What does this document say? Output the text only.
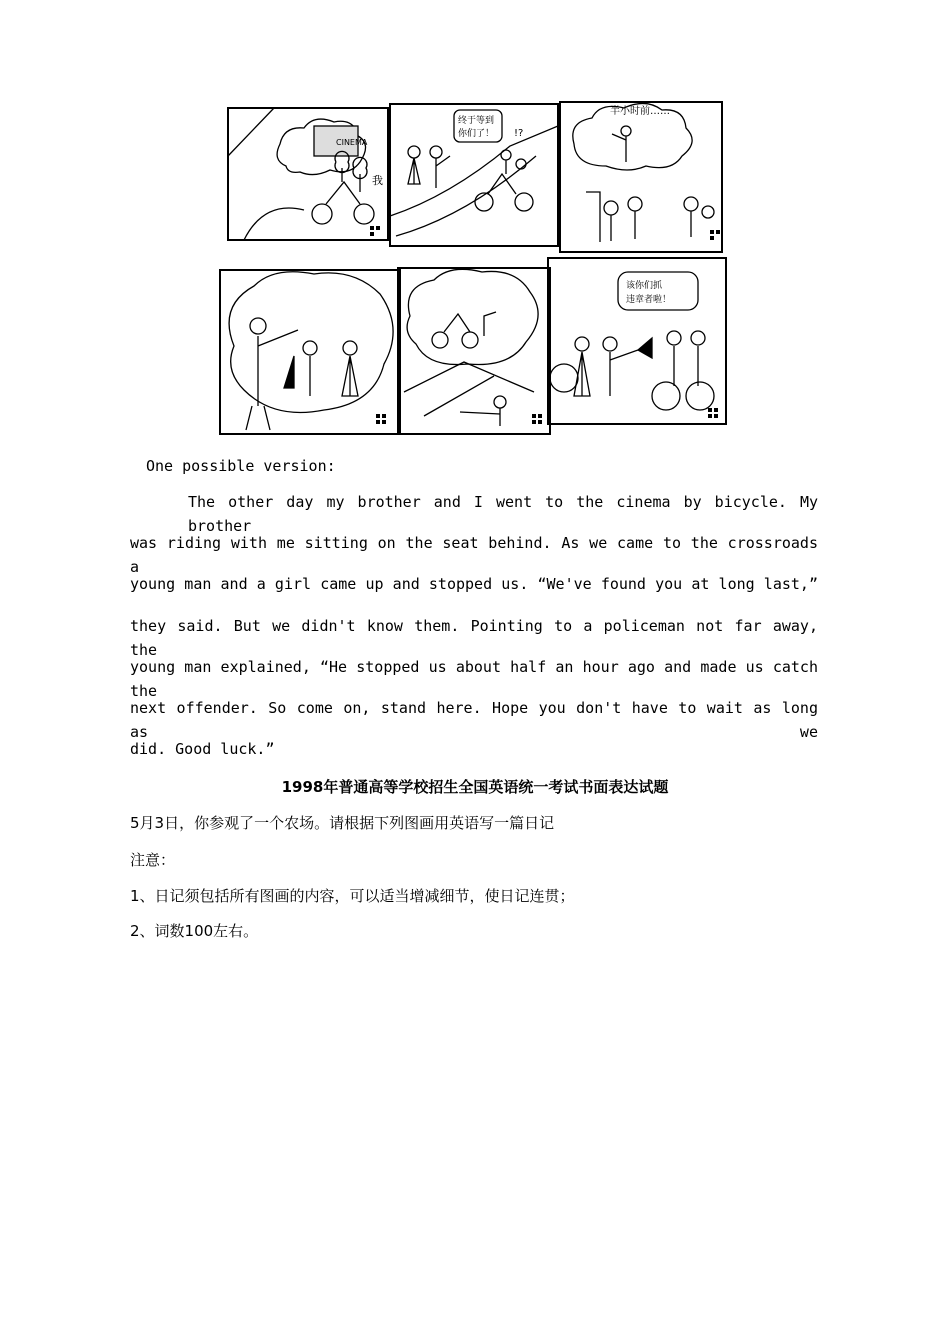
CINEMA
我
终于等到
你们了！ !?
半小时前……
该你们抓
违章者啦！

One possible version:

The other day my brother and I went to the cinema by bicycle. My brother
was riding with me sitting on the seat behind. As we came to the crossroads a
young man and a girl came up and stopped us. “We've found you at long last,”
they said. But we didn't know them. Pointing to a policeman not far away, the
young man explained, “He stopped us about half an hour ago and made us catch the
next offender. So come on, stand here. Hope you don't have to wait as long as we
did. Good luck.”

1998年普通高等学校招生全国英语统一考试书面表达试题

5月3日，你参观了一个农场。请根据下列图画用英语写一篇日记

注意：

1、日记须包括所有图画的内容，可以适当增减细节，使日记连贯；

2、词数100左右。
